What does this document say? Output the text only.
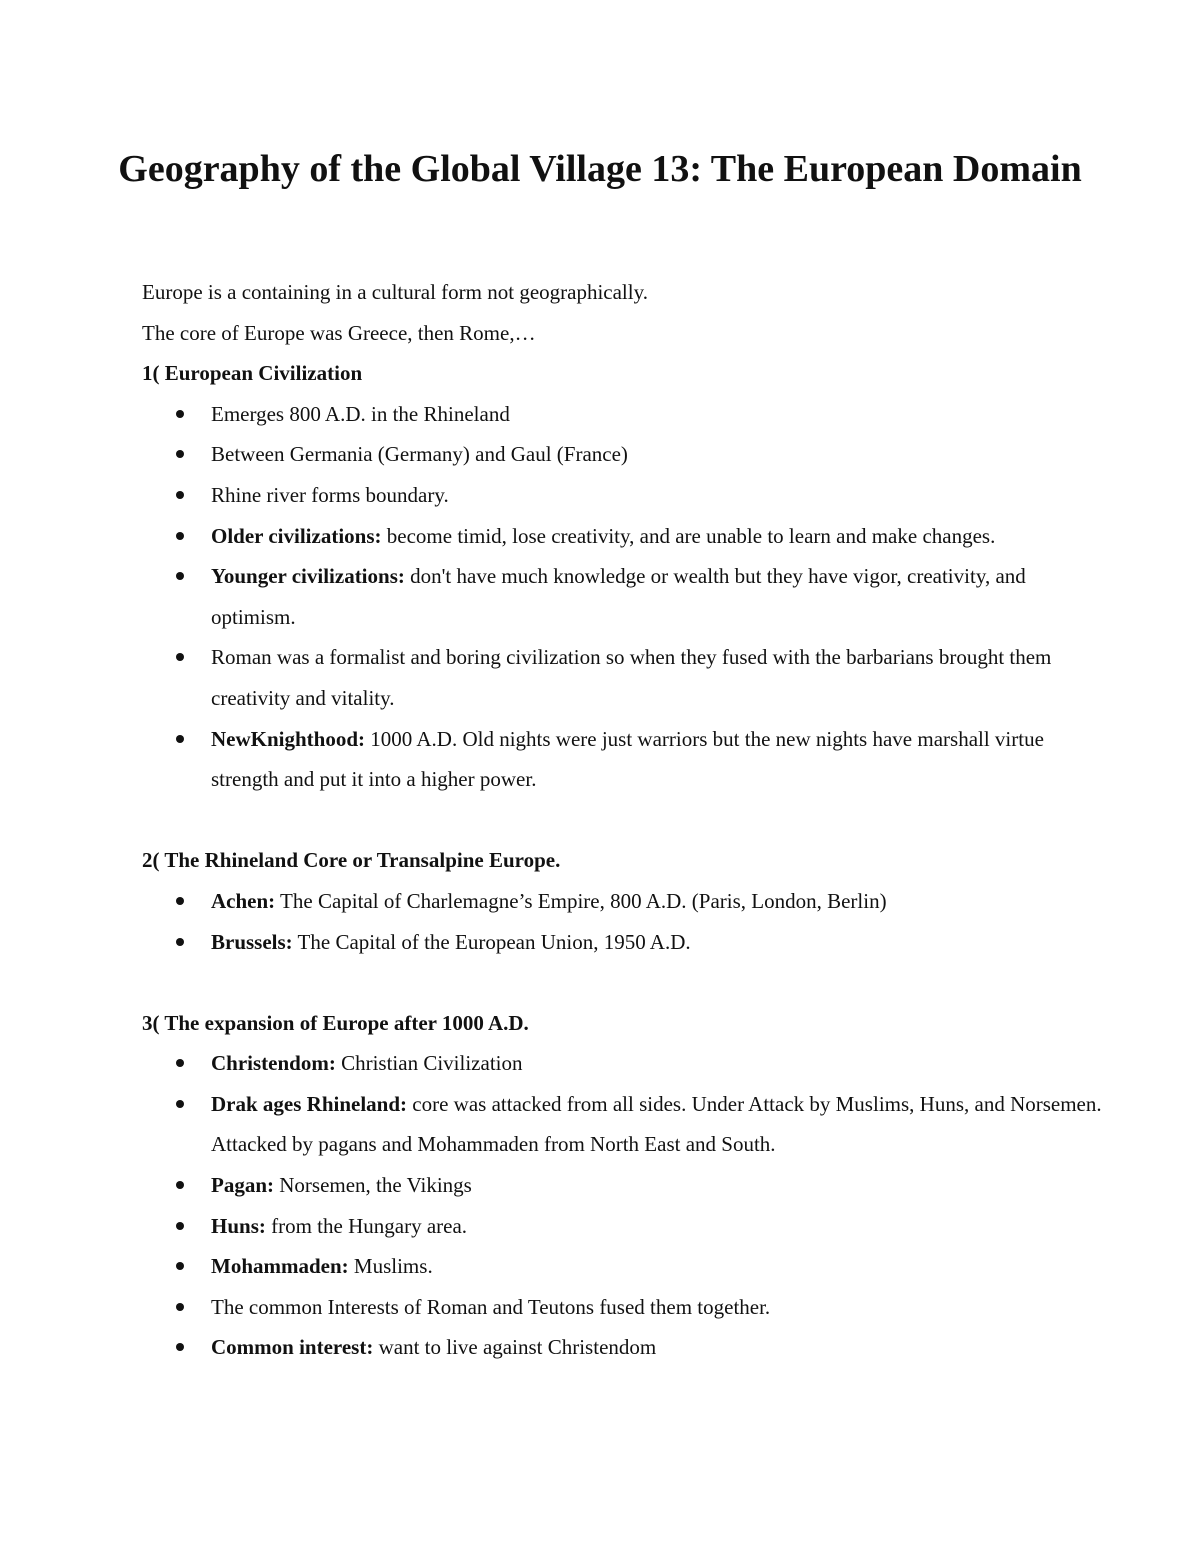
Geography of the Global Village 13: The European Domain

Europe is a containing in a cultural form not geographically.

The core of Europe was Greece, then Rome,…

1( European Civilization

Emerges 800 A.D. in the Rhineland
Between Germania (Germany) and Gaul (France)
Rhine river forms boundary.
Older civilizations: become timid, lose creativity, and are unable to learn and make changes.
Younger civilizations: don't have much knowledge or wealth but they have vigor, creativity, and optimism.
Roman was a formalist and boring civilization so when they fused with the barbarians brought them creativity and vitality.
NewKnighthood: 1000 A.D. Old nights were just warriors but the new nights have marshall virtue strength and put it into a higher power.

2( The Rhineland Core or Transalpine Europe.

Achen: The Capital of Charlemagne’s Empire, 800 A.D. (Paris, London, Berlin)
Brussels: The Capital of the European Union, 1950 A.D.

3( The expansion of Europe after 1000 A.D.

Christendom: Christian Civilization
Drak ages Rhineland: core was attacked from all sides. Under Attack by Muslims, Huns, and Norsemen. Attacked by pagans and Mohammaden from North East and South.
Pagan: Norsemen, the Vikings
Huns: from the Hungary area.
Mohammaden: Muslims.
The common Interests of Roman and Teutons fused them together.
Common interest: want to live against Christendom
